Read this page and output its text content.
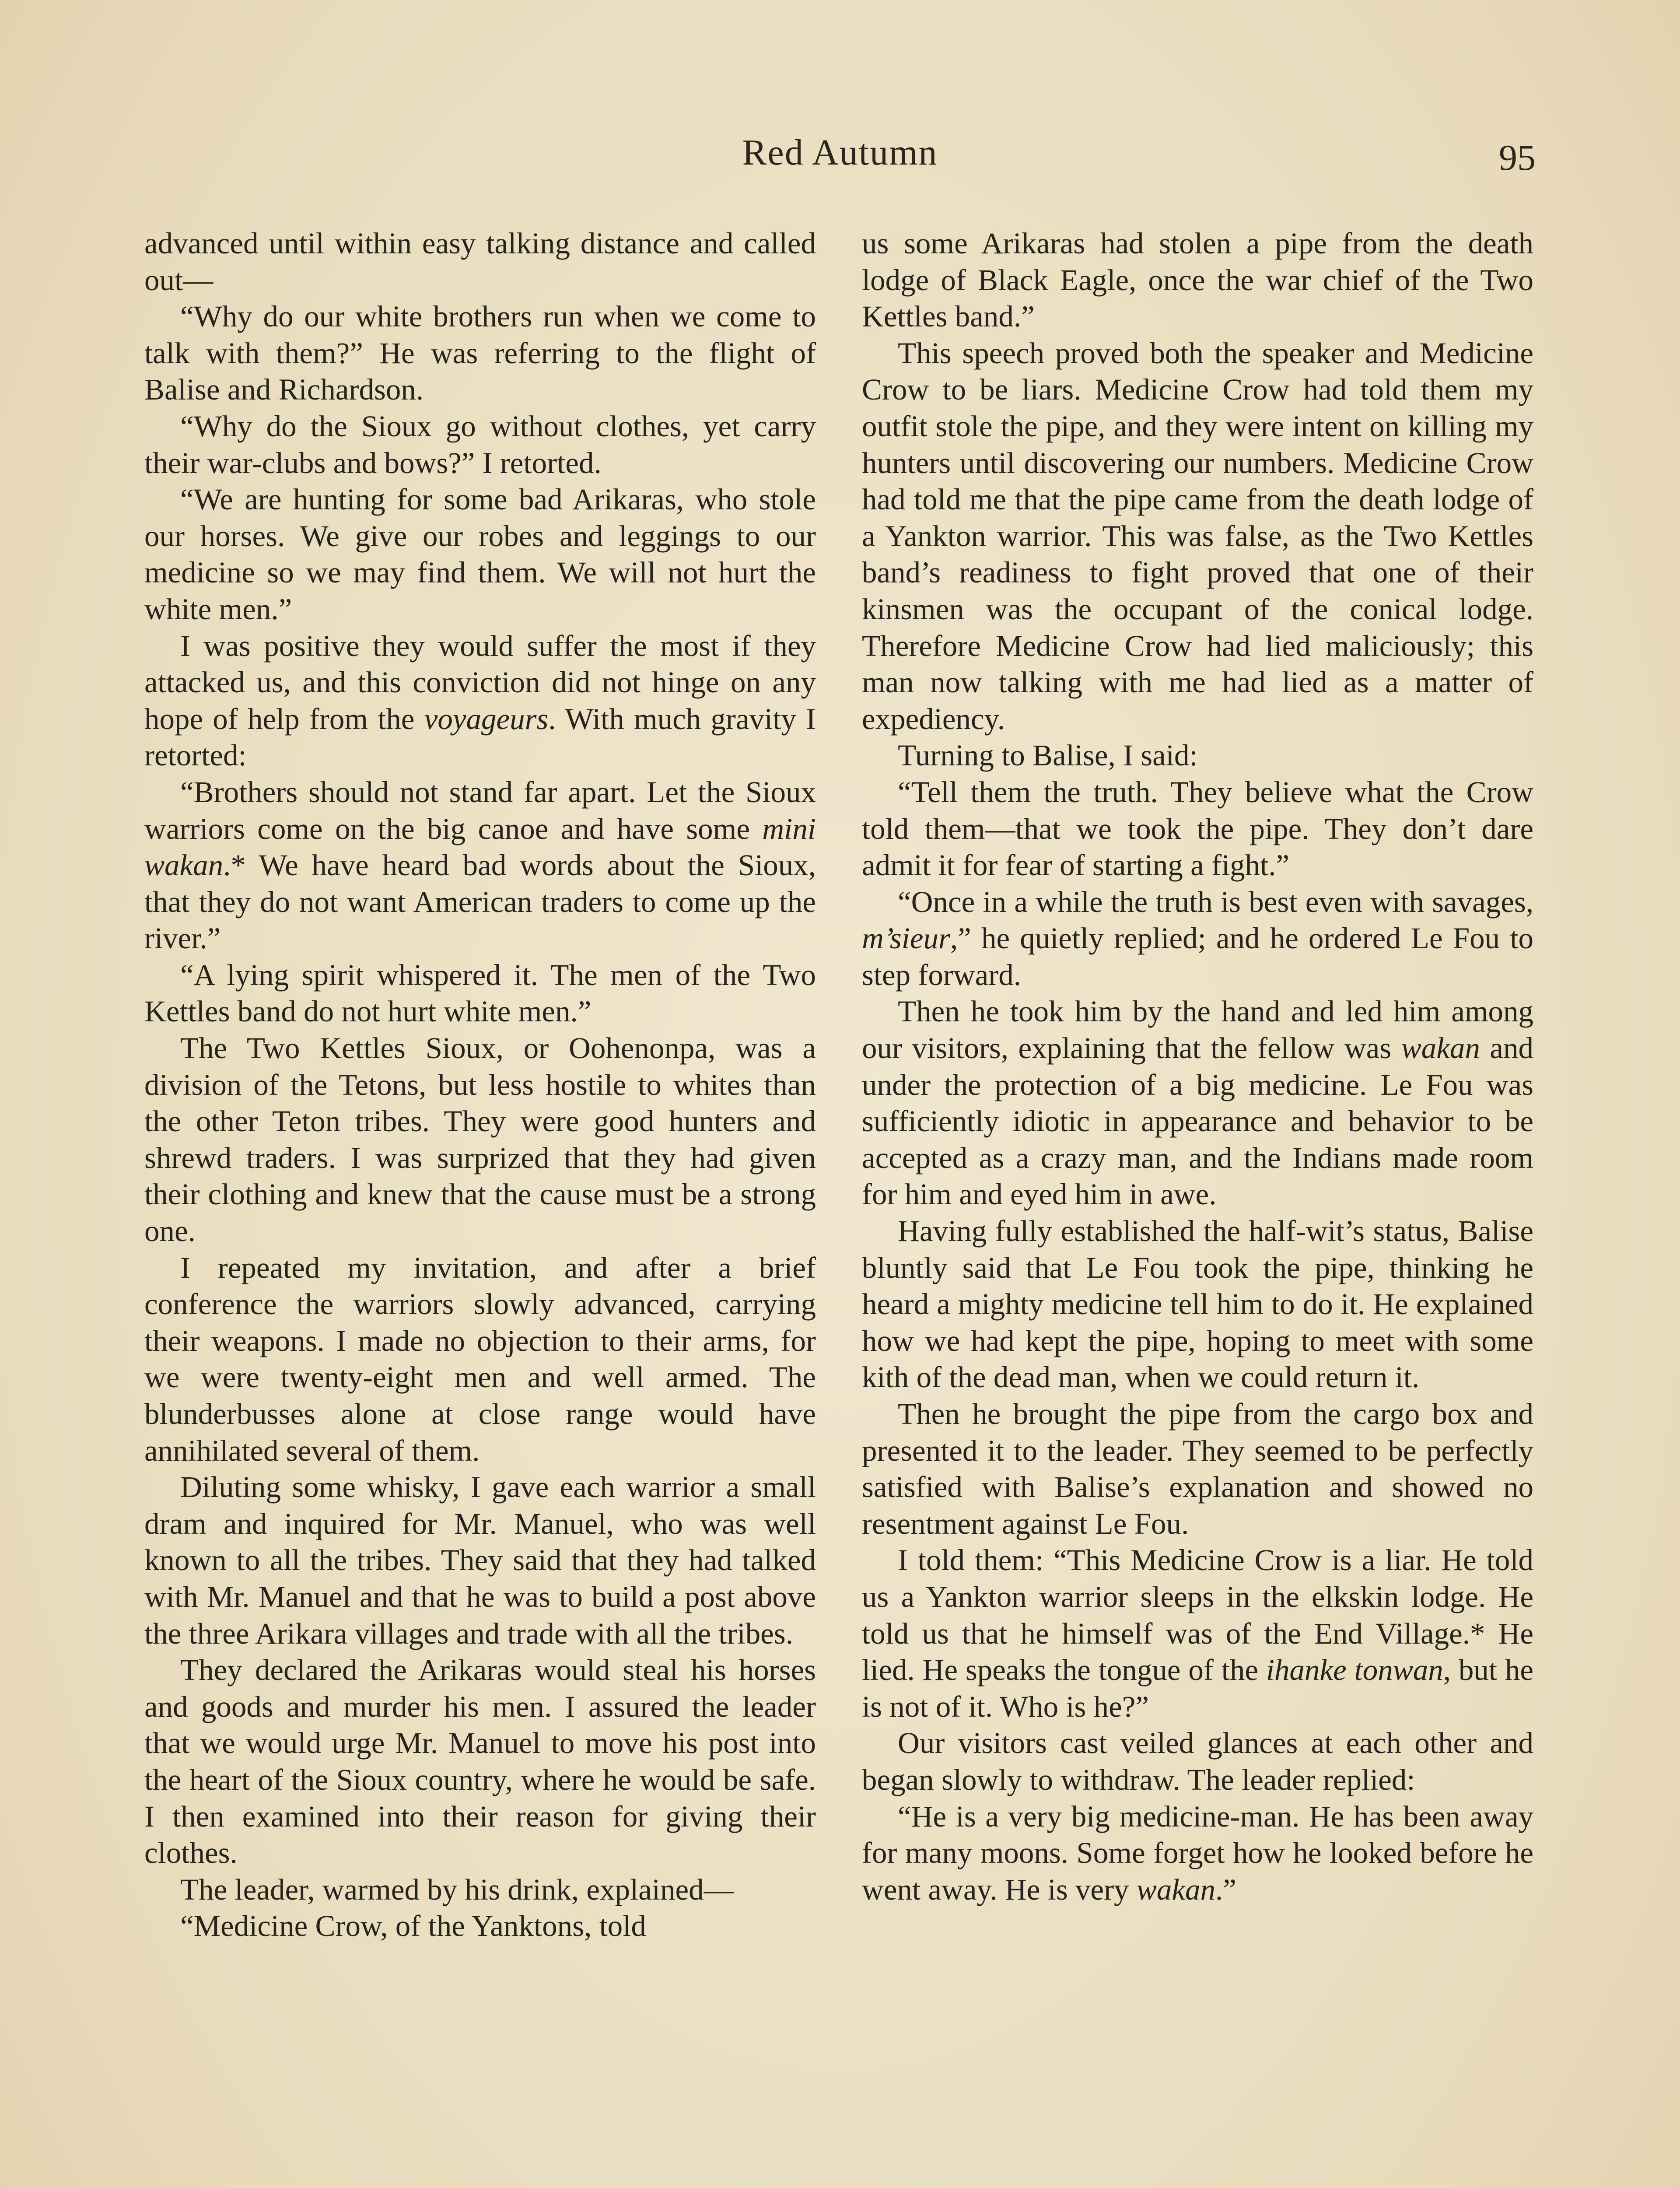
Red Autumn	95

advanced until within easy talking distance and called out—

“Why do our white brothers run when we come to talk with them?” He was referring to the flight of Balise and Richardson.

“Why do the Sioux go without clothes, yet carry their war-clubs and bows?” I retorted.

“We are hunting for some bad Arikaras, who stole our horses. We give our robes and leggings to our medicine so we may find them. We will not hurt the white men.”

I was positive they would suffer the most if they attacked us, and this conviction did not hinge on any hope of help from the voyageurs. With much gravity I retorted:

“Brothers should not stand far apart. Let the Sioux warriors come on the big canoe and have some mini wakan.* We have heard bad words about the Sioux, that they do not want American traders to come up the river.”

“A lying spirit whispered it. The men of the Two Kettles band do not hurt white men.”

The Two Kettles Sioux, or Oohenonpa, was a division of the Tetons, but less hostile to whites than the other Teton tribes. They were good hunters and shrewd traders. I was surprized that they had given their clothing and knew that the cause must be a strong one.

I repeated my invitation, and after a brief conference the warriors slowly advanced, carrying their weapons. I made no objection to their arms, for we were twenty-eight men and well armed. The blunderbusses alone at close range would have annihilated several of them.

Diluting some whisky, I gave each warrior a small dram and inquired for Mr. Manuel, who was well known to all the tribes. They said that they had talked with Mr. Manuel and that he was to build a post above the three Arikara villages and trade with all the tribes.

They declared the Arikaras would steal his horses and goods and murder his men. I assured the leader that we would urge Mr. Manuel to move his post into the heart of the Sioux country, where he would be safe. I then examined into their reason for giving their clothes.

The leader, warmed by his drink, explained—

“Medicine Crow, of the Yanktons, told

us some Arikaras had stolen a pipe from the death lodge of Black Eagle, once the war chief of the Two Kettles band.”

This speech proved both the speaker and Medicine Crow to be liars. Medicine Crow had told them my outfit stole the pipe, and they were intent on killing my hunters until discovering our numbers. Medicine Crow had told me that the pipe came from the death lodge of a Yankton warrior. This was false, as the Two Kettles band’s readiness to fight proved that one of their kinsmen was the occupant of the conical lodge. Therefore Medicine Crow had lied maliciously; this man now talking with me had lied as a matter of expediency.

Turning to Balise, I said:

“Tell them the truth. They believe what the Crow told them—that we took the pipe. They don’t dare admit it for fear of starting a fight.”

“Once in a while the truth is best even with savages, m’sieur,” he quietly replied; and he ordered Le Fou to step forward.

Then he took him by the hand and led him among our visitors, explaining that the fellow was wakan and under the protection of a big medicine. Le Fou was sufficiently idiotic in appearance and behavior to be accepted as a crazy man, and the Indians made room for him and eyed him in awe.

Having fully established the half-wit’s status, Balise bluntly said that Le Fou took the pipe, thinking he heard a mighty medicine tell him to do it. He explained how we had kept the pipe, hoping to meet with some kith of the dead man, when we could return it.

Then he brought the pipe from the cargo box and presented it to the leader. They seemed to be perfectly satisfied with Balise’s explanation and showed no resentment against Le Fou.

I told them: “This Medicine Crow is a liar. He told us a Yankton warrior sleeps in the elkskin lodge. He told us that he himself was of the End Village.* He lied. He speaks the tongue of the ihanke tonwan, but he is not of it. Who is he?”

Our visitors cast veiled glances at each other and began slowly to withdraw. The leader replied:

“He is a very big medicine-man. He has been away for many moons. Some forget how he looked before he went away. He is very wakan.”
